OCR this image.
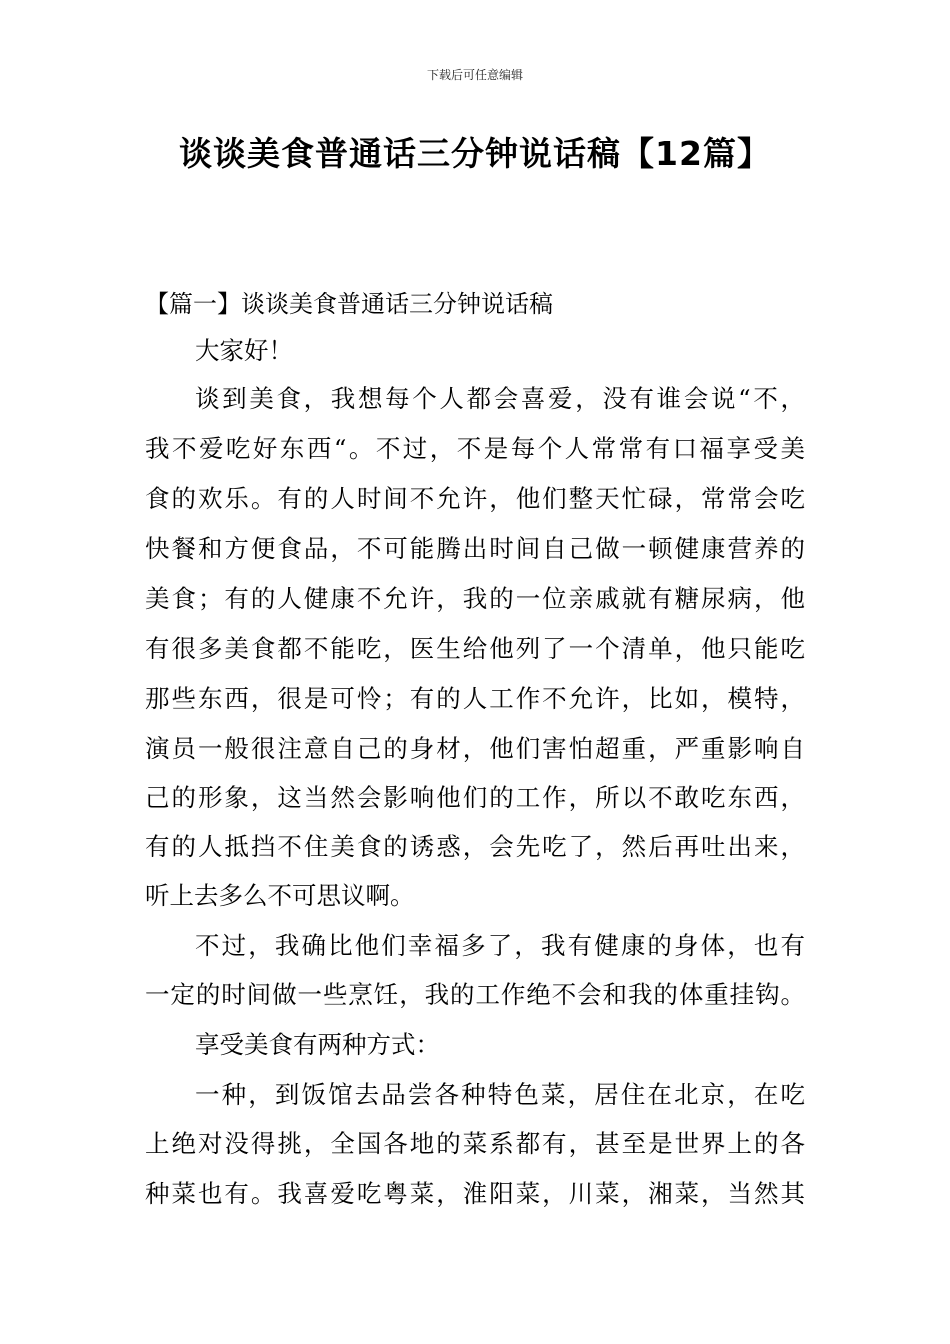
下载后可任意编辑
谈谈美食普通话三分钟说话稿【12篇】
【篇一】谈谈美食普通话三分钟说话稿
大家好！
谈到美食，我想每个人都会喜爱，没有谁会说“不，
我不爱吃好东西“。不过，不是每个人常常有口福享受美
食的欢乐。有的人时间不允许，他们整天忙碌，常常会吃
快餐和方便食品，不可能腾出时间自己做一顿健康营养的
美食；有的人健康不允许，我的一位亲戚就有糖尿病，他
有很多美食都不能吃，医生给他列了一个清单，他只能吃
那些东西，很是可怜；有的人工作不允许，比如，模特，
演员一般很注意自己的身材，他们害怕超重，严重影响自
己的形象，这当然会影响他们的工作，所以不敢吃东西，
有的人抵挡不住美食的诱惑，会先吃了，然后再吐出来，
听上去多么不可思议啊。
不过，我确比他们幸福多了，我有健康的身体，也有
一定的时间做一些烹饪，我的工作绝不会和我的体重挂钩。
享受美食有两种方式：
一种，到饭馆去品尝各种特色菜，居住在北京，在吃
上绝对没得挑，全国各地的菜系都有，甚至是世界上的各
种菜也有。我喜爱吃粤菜，淮阳菜，川菜，湘菜，当然其
